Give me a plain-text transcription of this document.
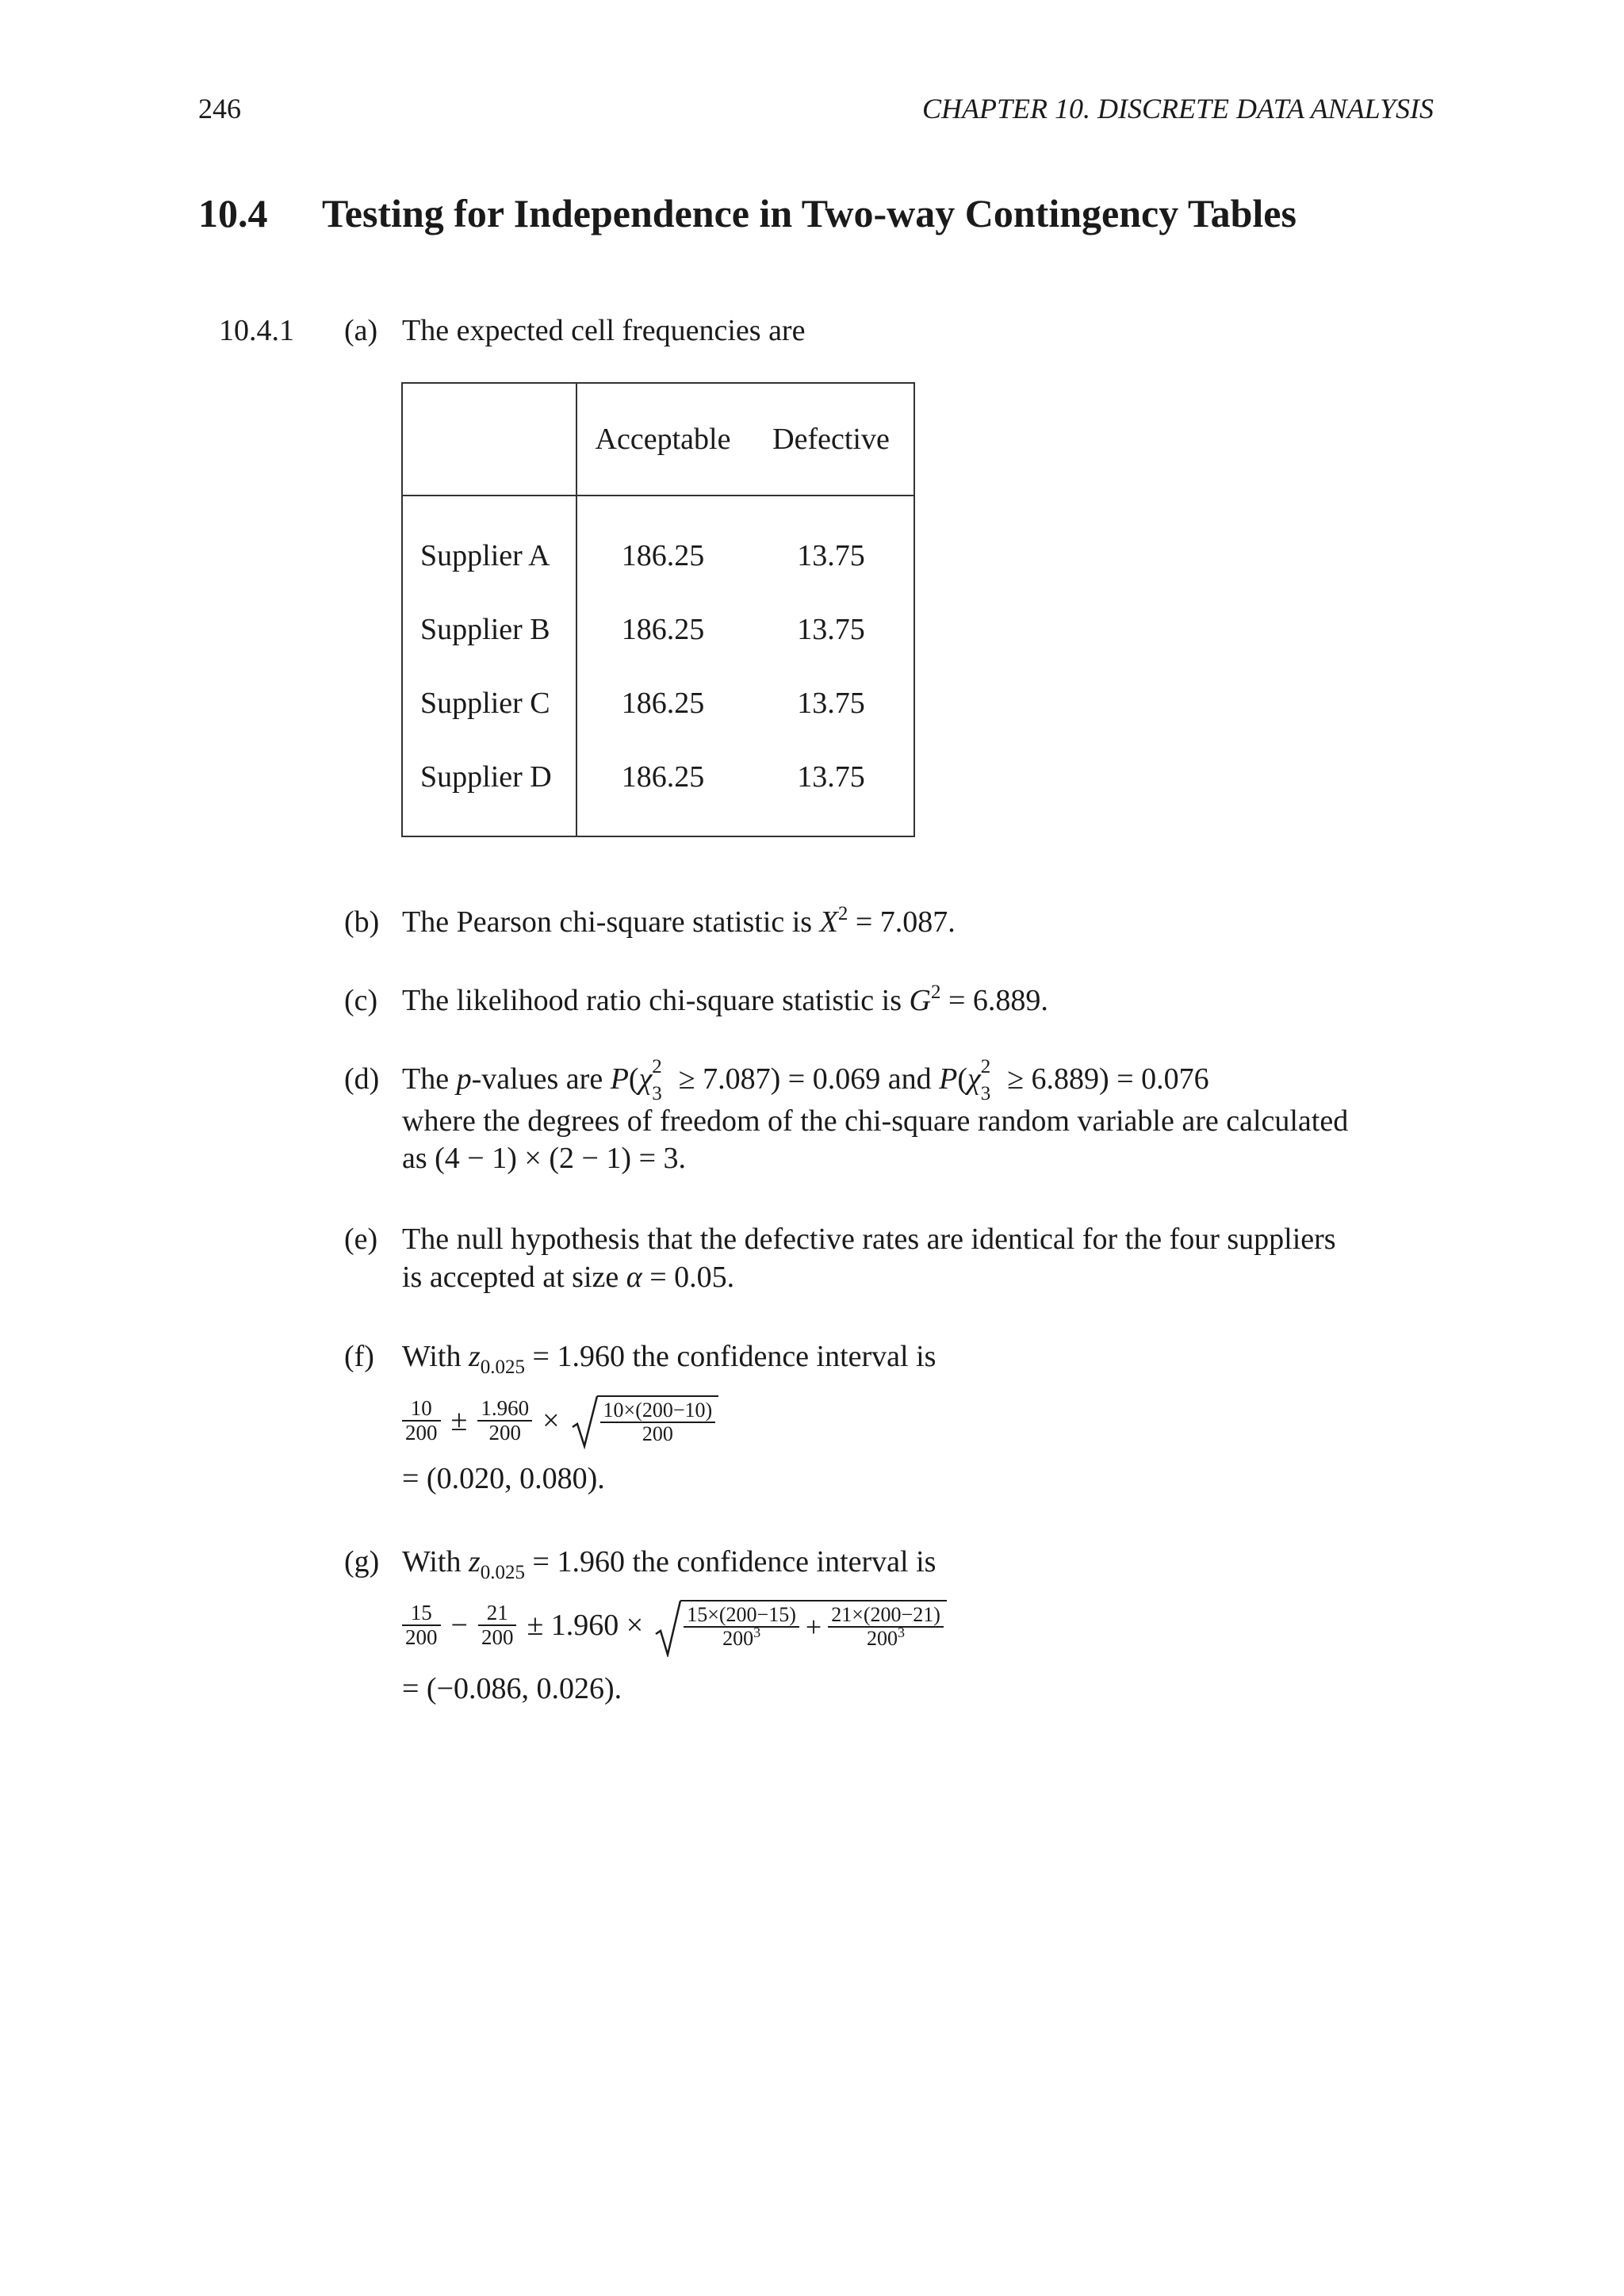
246	CHAPTER 10. DISCRETE DATA ANALYSIS
10.4 Testing for Independence in Two-way Contingency Tables
10.4.1 (a) The expected cell frequencies are
	Acceptable	Defective
Supplier A	186.25	13.75
Supplier B	186.25	13.75
Supplier C	186.25	13.75
Supplier D	186.25	13.75
(b) The Pearson chi-square statistic is $X^2 = 7.087$.
(c) The likelihood ratio chi-square statistic is $G^2 = 6.889$.
(d) The p-values are P(χ 2
3 ≥ 7.087) = 0.069 and P(χ 2
3 ≥ 6.889) = 0.076
where the degrees of freedom of the chi-square random variable are calculated
as (4 − 1) × (2 − 1) = 3.
(e) The null hypothesis that the defective rates are identical for the four suppliers
is accepted at size α = 0.05.
(f) With $z_{0.025} = 1.960$ the confidence interval is
$\frac{10}{200} \pm \frac{1.960}{200} \times \frac{10\times(200-10)}{200}$
= (0.020, 0.080).
(g) With $z_{0.025} = 1.960$ the confidence interval is
$\frac{15}{200} - \frac{21}{200} \pm 1.960 \times \frac{15\times(200-15)}{200^3} + \frac{21\times(200-21)}{200^3}$
= (−0.086, 0.026).
